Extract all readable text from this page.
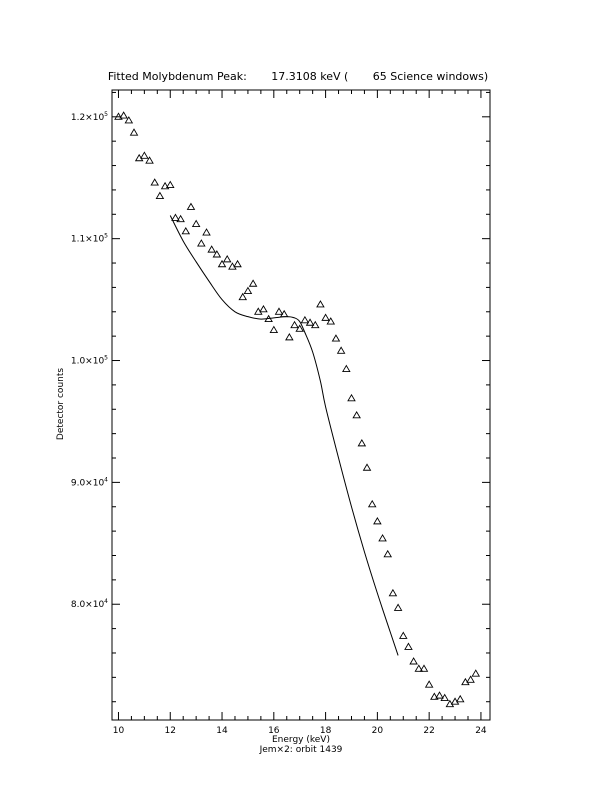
Fitted Molybdenum Peak:       17.3108 keV (       65 Science windows)
10	12	14	16	18	20	22	24
$8.0\times 10^4$
$9.0\times 10^4$
$1.0\times 10^5$
$1.1\times 10^5$
$1.2\times 10^5$
Energy (keV)
Jem×2: orbit 1439
Detector counts
